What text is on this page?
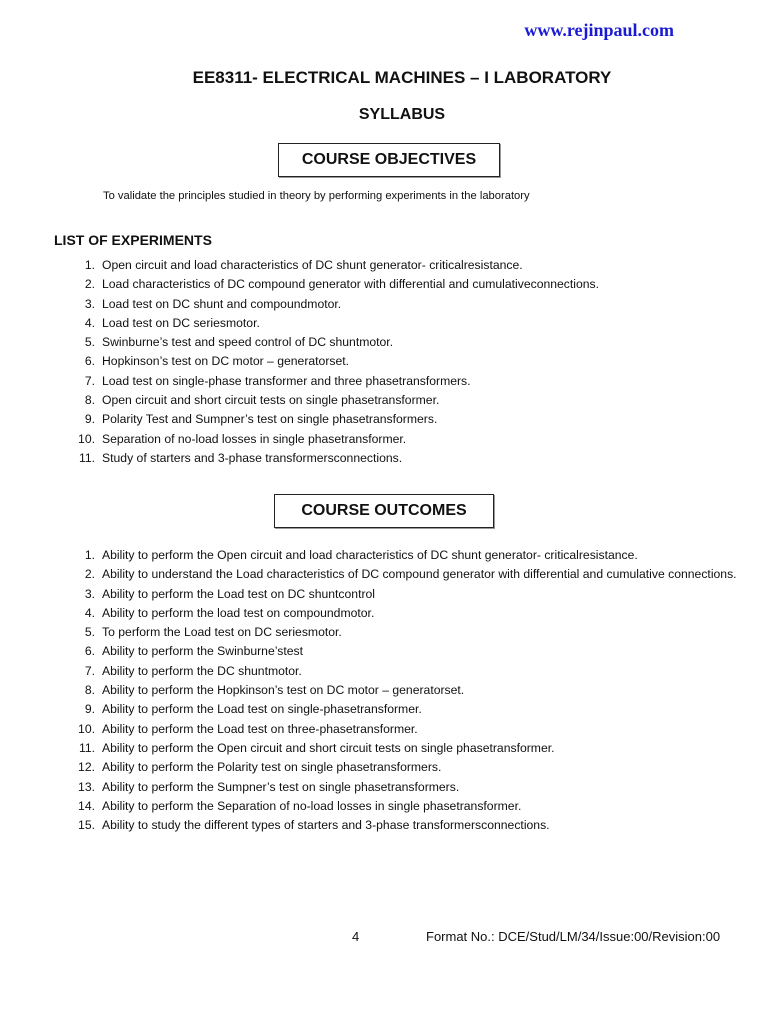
www.rejinpaul.com
EE8311- ELECTRICAL MACHINES – I LABORATORY
SYLLABUS
COURSE OBJECTIVES

To validate the principles studied in theory by performing experiments in the laboratory

LIST OF EXPERIMENTS
1. Open circuit and load characteristics of DC shunt generator- criticalresistance.
2. Load characteristics of DC compound generator with differential and cumulativeconnections.
3. Load test on DC shunt and compoundmotor.
4. Load test on DC seriesmotor.
5. Swinburne’s test and speed control of DC shuntmotor.
6. Hopkinson’s test on DC motor – generatorset.
7. Load test on single-phase transformer and three phasetransformers.
8. Open circuit and short circuit tests on single phasetransformer.
9. Polarity Test and Sumpner’s test on single phasetransformers.
10. Separation of no-load losses in single phasetransformer.
11. Study of starters and 3-phase transformersconnections.
COURSE OUTCOMES
1. Ability to perform the Open circuit and load characteristics of DC shunt generator- criticalresistance.
2. Ability to understand the Load characteristics of DC compound generator with differential and cumulative connections.
3. Ability to perform the Load test on DC shuntcontrol
4. Ability to perform the load test on compoundmotor.
5. To perform the Load test on DC seriesmotor.
6. Ability to perform the Swinburne’stest
7. Ability to perform the DC shuntmotor.
8. Ability to perform the Hopkinson’s test on DC motor – generatorset.
9. Ability to perform the Load test on single-phasetransformer.
10. Ability to perform the Load test on three-phasetransformer.
11. Ability to perform the Open circuit and short circuit tests on single phasetransformer.
12. Ability to perform the Polarity test on single phasetransformers.
13. Ability to perform the Sumpner’s test on single phasetransformers.
14. Ability to perform the Separation of no-load losses in single phasetransformer.
15. Ability to study the different types of starters and 3-phase transformersconnections.
4	Format No.: DCE/Stud/LM/34/Issue:00/Revision:00
